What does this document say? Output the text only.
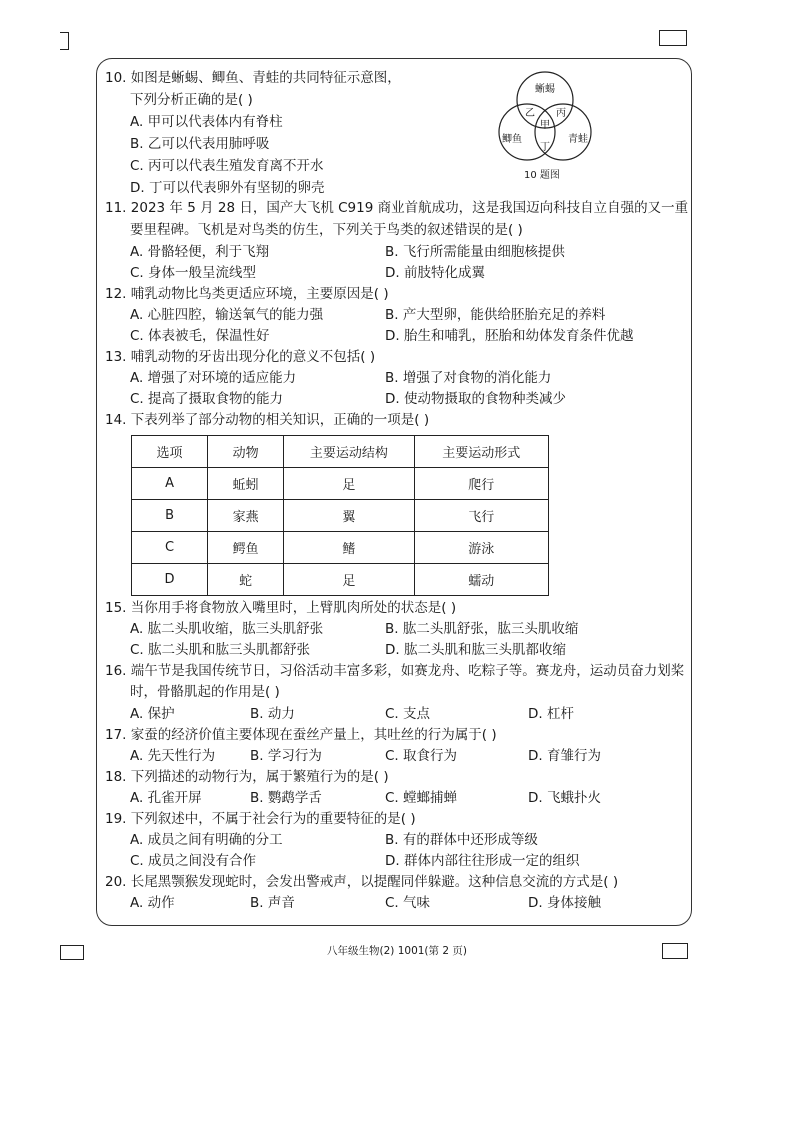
10. 如图是蜥蜴、鲫鱼、青蛙的共同特征示意图，
下列分析正确的是( )
A. 甲可以代表体内有脊柱
B. 乙可以代表用肺呼吸
C. 丙可以代表生殖发育离不开水
D. 丁可以代表卵外有坚韧的卵壳
蜥蜴
鲫鱼	青蛙
乙 丙
甲
丁
10 题图
11. 2023 年 5 月 28 日，国产大飞机 C919 商业首航成功，这是我国迈向科技自立自强的又一重
要里程碑。飞机是对鸟类的仿生，下列关于鸟类的叙述错误的是( )
A. 骨骼轻便，利于飞翔	B. 飞行所需能量由细胞核提供
C. 身体一般呈流线型	D. 前肢特化成翼
12. 哺乳动物比鸟类更适应环境，主要原因是( )
A. 心脏四腔，输送氧气的能力强	B. 产大型卵，能供给胚胎充足的养料
C. 体表被毛，保温性好	D. 胎生和哺乳，胚胎和幼体发育条件优越
13. 哺乳动物的牙齿出现分化的意义不包括( )
A. 增强了对环境的适应能力	B. 增强了对食物的消化能力
C. 提高了摄取食物的能力	D. 使动物摄取的食物种类减少
14. 下表列举了部分动物的相关知识，正确的一项是( )
选项	动物	主要运动结构	主要运动形式
A	蚯蚓	足	爬行
B	家燕	翼	飞行
C	鳄鱼	鳍	游泳
D	蛇	足	蠕动
15. 当你用手将食物放入嘴里时，上臂肌肉所处的状态是( )
A. 肱二头肌收缩，肱三头肌舒张	B. 肱二头肌舒张，肱三头肌收缩
C. 肱二头肌和肱三头肌都舒张	D. 肱二头肌和肱三头肌都收缩
16. 端午节是我国传统节日，习俗活动丰富多彩，如赛龙舟、吃粽子等。赛龙舟，运动员奋力划桨
时，骨骼肌起的作用是( )
A. 保护	B. 动力	C. 支点	D. 杠杆
17. 家蚕的经济价值主要体现在蚕丝产量上，其吐丝的行为属于( )
A. 先天性行为	B. 学习行为	C. 取食行为	D. 育雏行为
18. 下列描述的动物行为，属于繁殖行为的是( )
A. 孔雀开屏	B. 鹦鹉学舌	C. 螳螂捕蝉	D. 飞蛾扑火
19. 下列叙述中，不属于社会行为的重要特征的是( )
A. 成员之间有明确的分工	B. 有的群体中还形成等级
C. 成员之间没有合作	D. 群体内部往往形成一定的组织
20. 长尾黑颚猴发现蛇时，会发出警戒声，以提醒同伴躲避。这种信息交流的方式是( )
A. 动作	B. 声音	C. 气味	D. 身体接触
八年级生物(2) 1001(第 2 页)
